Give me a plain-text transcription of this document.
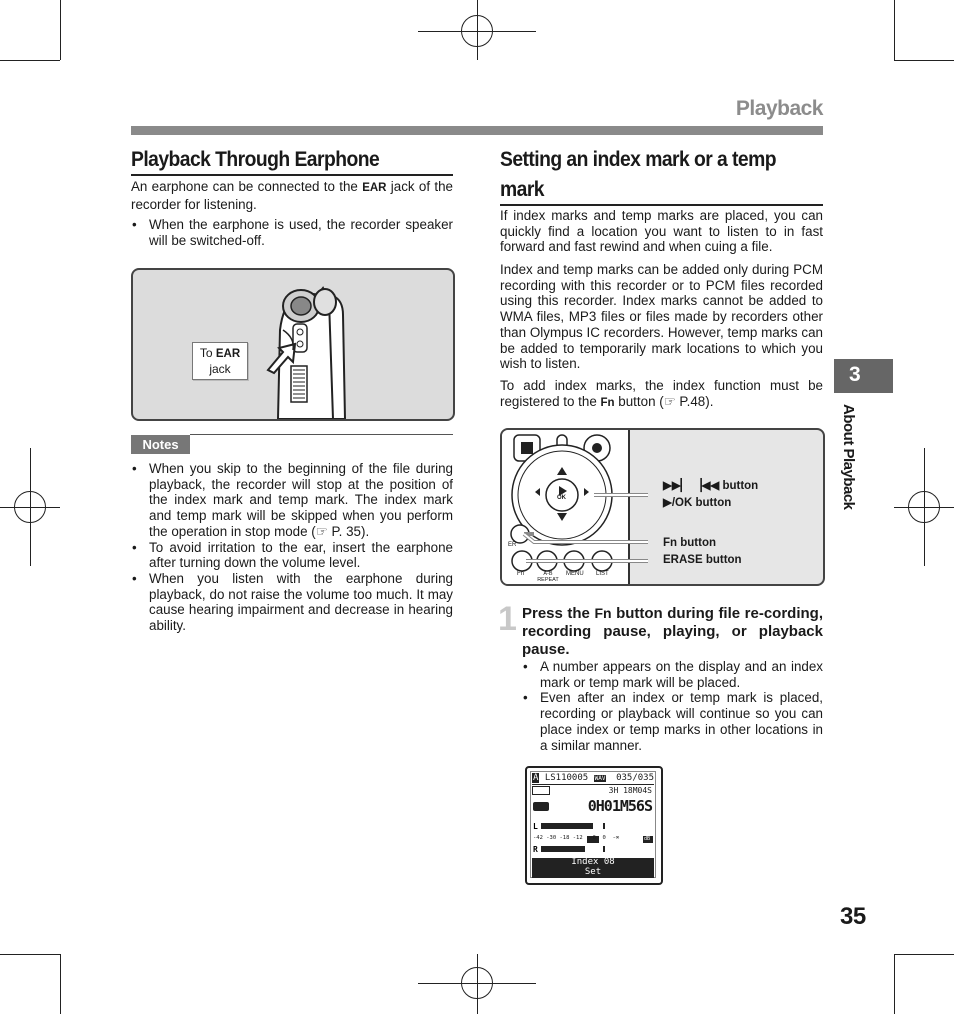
Playback
Playback Through Earphone
An earphone can be connected to the EAR jack of the recorder for listening.
• When the earphone is used, the recorder speaker will be switched-off.
To EAR
jack
Notes
• When you skip to the beginning of the file during playback, the recorder will stop at the position of the index mark and temp mark. The index mark and temp mark will be skipped when you perform the operation in stop mode (☞ P. 35).
• To avoid irritation to the ear, insert the earphone after turning down the volume level.
• When you listen with the earphone during playback, do not raise the volume too much. It may cause hearing impairment and decrease in hearing ability.
Setting an index mark or a temp mark
If index marks and temp marks are placed, you can quickly find a location you want to listen to in fast forward and fast rewind and when cuing a file.
Index and temp marks can be added only during PCM recording with this recorder or to PCM files recorded using this recorder. Index marks cannot be added to WMA files, MP3 files or files made by recorders other than Olympus IC recorders. However, temp marks can be added to temporarily mark locations to which you wish to listen.
To add index marks, the index function must be registered to the Fn button (☞ P.48).
OK
ER
Fn	A-B REPEAT
MENU LIST
▶▶▏ ▕◀◀ button
▶/OK button
Fn button
ERASE button
1 Press the Fn button during file re-cording, recording pause, playing, or playback pause.
• A number appears on the display and an index mark or temp mark will be placed.
• Even after an index or temp mark is placed, recording or playback will continue so you can place index or temp marks in other locations in a similar manner.
A LS110005 WAV 035/035
3H 18M04S
0H01M56S
L
R
-42 -30 -18 -12  -6  0  -∞	dB
Index 08
Set
3
About Playback
35
